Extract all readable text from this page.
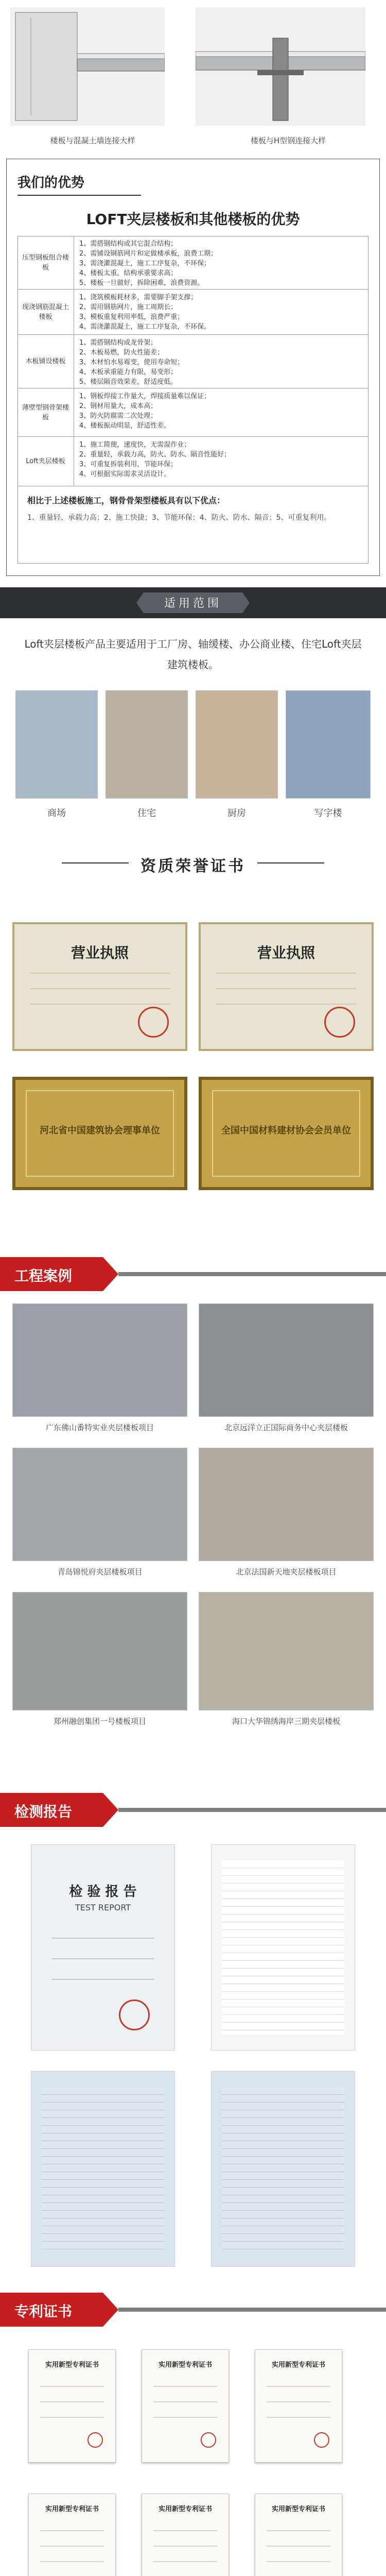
楼板与混凝土墙连接大样	楼板与H型钢连接大样
我们的优势
LOFT夹层楼板和其他楼板的优势
压型钢板组合楼板
1、需搭钢结构或其它混合结构；
2、需铺设钢筋网片和定做楼承板，浪费工期；
3、需浇灌混凝土，施工工序复杂，不环保；
4、楼板太重，结构承重要求高；
5、楼板一旦做好，拆除困难，浪费资源。
现浇钢筋混凝土楼板
1、浇筑模板耗材多，需要脚手架支撑；
2、需用钢筋网片，施工周期长；
3、模板重复利用率低，浪费严重；
4、需浇灌混凝土，施工工序复杂，不环保。
木板铺设楼板
1、需搭钢结构或龙骨架；
2、木板易燃，防火性能差；
3、木材怕水易霉变，使用寿命短；
4、木板承重能力有限，易变形；
5、楼层隔音效果差，舒适度低。
薄壁型钢骨架楼板
1、钢板焊接工作量大，焊接质量难以保证；
2、钢材用量大，成本高；
3、防火防腐需二次处理；
4、楼板振动明显，舒适性差。
Loft夹层楼板
1、施工简便，速度快，无需湿作业；
2、重量轻，承载力高，防火、防水、隔音性能好；
3、可重复拆装利用，节能环保；
4、可根据实际需求灵活设计。
相比于上述楼板施工，钢骨骨架型楼板具有以下优点：
1、重量轻、承载力高；2、施工快捷；3、节能环保；4、防火、防水、隔音；5、可重复利用。
适用范围
Loft夹层楼板产品主要适用于工厂房、轴缓楼、办公商业楼、住宅Loft夹层建筑楼板。
商场	住宅	厨房	写字楼
资质荣誉证书
营业执照	营业执照
河北省中国建筑协会理事单位	全国中国材料建材协会会员单位
工程案例
广东佛山番特实业夹层楼板项目	北京远洋立正国际商务中心夹层楼板
青岛锦悦府夹层楼板项目	北京法国新天地夹层楼板项目
郑州融创集团一号楼板项目	海口大华锦绣海岸三期夹层楼板
检测报告
检 验 报 告
TEST REPORT
专利证书
实用新型专利证书	实用新型专利证书	实用新型专利证书
实用新型专利证书	实用新型专利证书	实用新型专利证书
